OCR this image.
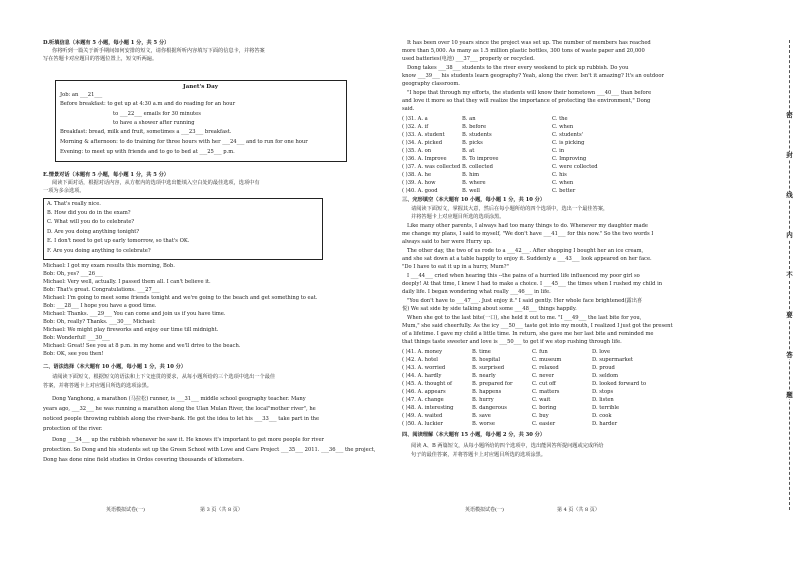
D.听填信息（本题有 5 小题，每小题 1 分，共 5 分）
你将听到一篇关于新手期间如何安排的短文，请你根据所听内容填写下面的信息卡，并将答案
写在答题卡对应题目的答题位置上，短文听两遍。
Janet's Day
Job: an ___21___
Before breakfast: to get up at 4:30 a.m and do reading for an hour
to ___22___ emails for 30 minutes
to have a shower after running
Breakfast: bread, milk and fruit, sometimes a ___23___ breakfast.
Morning & afternoon: to do training for three hours with her ___24___ and to run for one hour
Evening: to meet up with friends and to go to bed at ___25___ p.m.
E.情景对话（本题有 5 小题，每小题 1 分，共 5 分）
阅读下面对话，根据对话内容，从方框内的选项中选出能填入空白处的最佳选项，选项中有
一项为多余选项。
A. That's really nice.
B. How did you do in the exam?
C. What will you do to celebrate?
D. Are you doing anything tonight?
E. I don't need to get up early tomorrow, so that's OK.
F. Are you doing anything to celebrate?
Michael: I got my exam results this morning, Bob.
Bob: Oh, yes? ___26___
Michael: Very well, actually. I passed them all. I can't believe it.
Bob: That's great. Congratulations. ___27___
Michael: I'm going to meet some friends tonight and we're going to the beach and get something to eat.
Bob: ___28___ I hope you have a good time.
Michael: Thanks. ___29___ You can come and join us if you have time.
Bob: Oh, really? Thanks. ___30___ Michael:
Michael: We might play fireworks and enjoy our time till midnight.
Bob: Wonderful! ___30___
Michael: Great! See you at 8 p.m. in my home and we'll drive to the beach.
Bob: OK, see you then!
二、语法选择（本大题有 10 小题，每小题 1 分，共 10 分）
请阅读下面短文，根据短文的语法和上下文连贯的要求，从每小题所给的三个选项中选出一个最佳
答案，并将答题卡上对应题目所选的选项涂黑。
Dong Yanghong, a marathon (马拉松) runner, is ___31___ middle school geography teacher. Many
years ago, ___32___ he was running a marathon along the Ulan Mulan River, the local"mother river", he
noticed people throwing rubbish along the river-bank. He got the idea to let his ___33___ take part in the
protection of the river.
Dong ___34___ up the rubbish whenever he saw it. He knows it's important to get more people for river
protection. So Dong and his students set up the Green School with Love and Care Project ___35___ 2011. ___36___ the project,
Dong has done nine field studies in Ordos covering thousands of kilometers.
英语模拟试卷(一)	第 3 页（共 8 页）
It has been over 10 years since the project was set up. The number of members has reached
more than 5,000. As many as 1.5 million plastic bottles, 300 tons of waste paper and 20,000
used batteries(电池) ___37___ properly or recycled.
Dong takes ___38___ students to the river every weekend to pick up rubbish. Do you
know ___39___ his students learn geography? Yeah, along the river. Isn't it amazing? It's an outdoor
geography classroom.
"I hope that through my efforts, the students will know their hometown ___40___ than before
and love it more so that they will realize the importance of protecting the environment," Dong
said.
( )31. A. a	B. an	C. the
( )32. A. if	B. before	C. when
( )33. A. student	B. students	C. students'
( )34. A. picked	B. picks	C. is picking
( )35. A. on	B. at	C. in
( )36. A. Improve	B. To improve	C. Improving
( )37. A. was collected B. collected	C. were collected
( )38. A. he	B. him	C. his
( )39. A. how	B. where	C. when
( )40. A. good	B. well	C. better
三、完形填空（本大题有 10 小题，每小题 1 分，共 10 分）
请阅读下面短文，掌握其大意，然后在每小题所给的四个选项中，选出一个最佳答案，
并将答题卡上对应题目所选的选项涂黑。
Like many other parents, I always had too many things to do. Whenever my daughter made
me change my plans, I said to myself, "We don't have ___41___ for this now." So the two words I
always said to her were Hurry up.
The other day, the two of us rode to a ___42___. After shopping I bought her an ice cream,
and she sat down at a table happily to enjoy it. Suddenly a ___43___ look appeared on her face.
"Do I have to eat it up in a hurry, Mum?"
I ___44___ cried when hearing this --the pains of a hurried life influenced my poor girl so
deeply! At that time, I knew I had to make a choice. I ___45___ the times when I rushed my child in
daily life. I began wondering what really ___46___ in life.
"You don't have to ___47___. Just enjoy it." I said gently. Her whole face brightened(露出喜
悦) We sat side by side talking about some ___48___ things happily.
When she got to the last bite(一口), she held it out to me. "I ___49___ the last bite for you,
Mum," she said cheerfully. As the icy ___50___ taste got into my mouth, I realized I just got the present
of a lifetime. I gave my child a little time. In return, she gave me her last bite and reminded me
that things taste sweeter and love is ___50___ to get if we stop rushing through life.
( )41. A. money	B. time	C. fun	D. love
( )42. A. hotel	B. hospital	C. museum	D. supermarket
( )43. A. worried	B. surprised	C. relaxed	D. proud
( )44. A. hardly	B. nearly	C. never	D. seldom
( )45. A. thought of	B. prepared for	C. cut off	D. looked forward to
( )46. A. appears	B. happens	C. matters	D. stops
( )47. A. change	B. hurry	C. wait	D. listen
( )48. A. interesting	B. dangerous	C. boring	D. terrible
( )49. A. waited	B. save	C. buy	D. cook
( )50. A. luckier	B. worse	C. easier	D. harder
四、阅读理解（本大题有 15 小题，每小题 2 分，共 30 分）
阅读 A、B 两篇短文，从每小题所给的四个选项中，选出能回答所提问题或完成所给
句子的最佳答案，并将答题卡上对应题目所选的选项涂黑。
英语模拟试卷(一)	第 4 页（共 8 页）
密
封
线
内
不
要
答
题
